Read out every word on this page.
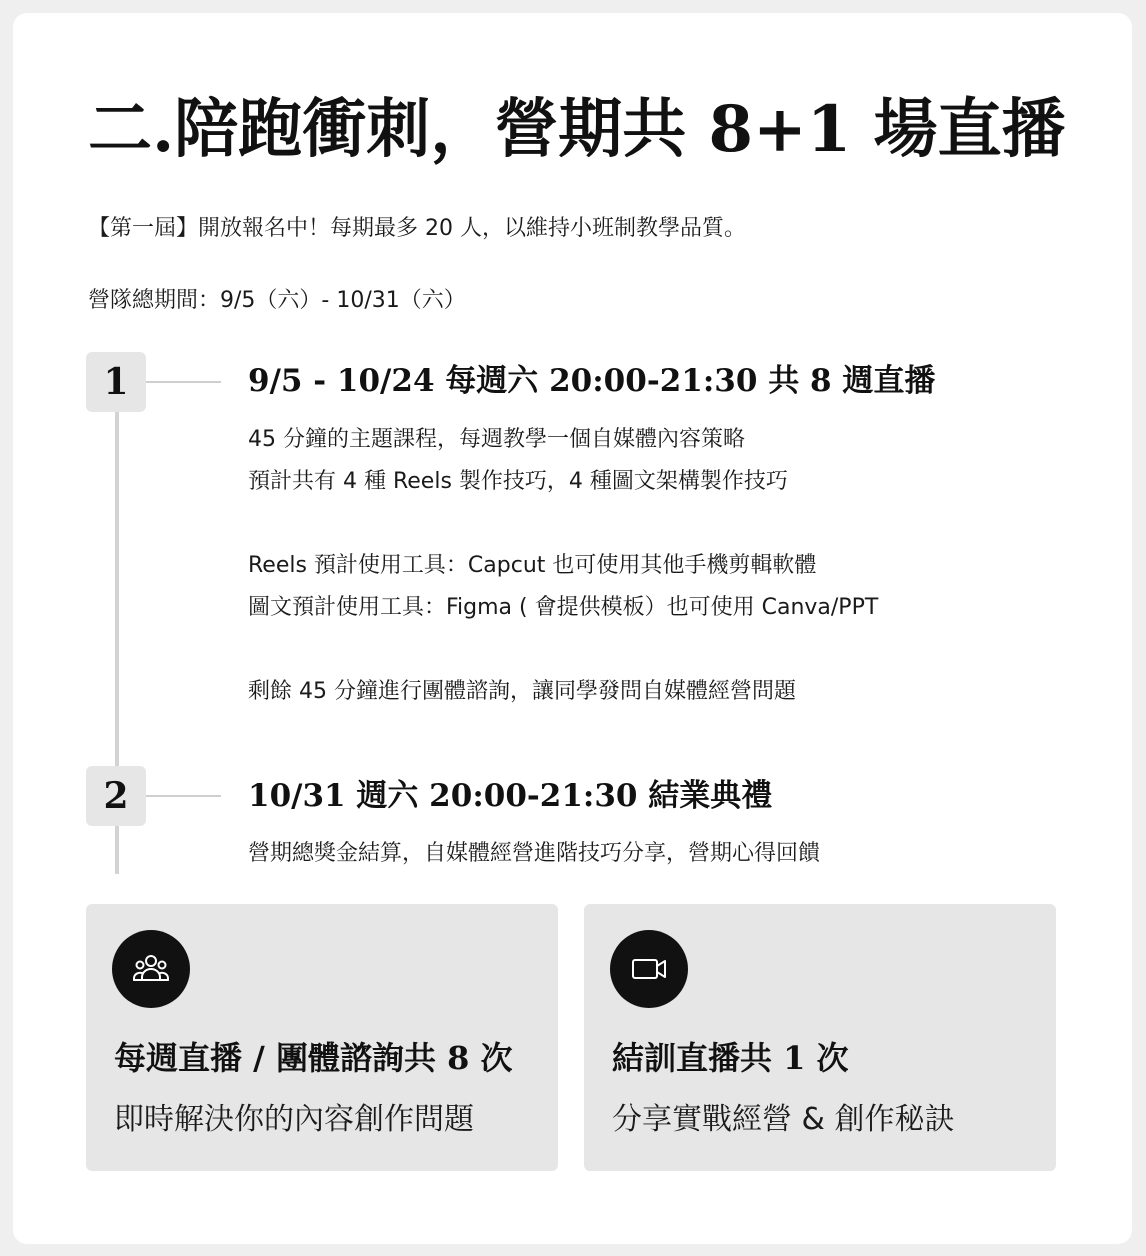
二.陪跑衝刺，營期共 8+1 場直播

【第一屆】開放報名中！每期最多 20 人，以維持小班制教學品質。

營隊總期間：9/5（六）- 10/31（六）

1	9/5 - 10/24 每週六 20:00-21:30 共 8 週直播
45 分鐘的主題課程，每週教學一個自媒體內容策略
預計共有 4 種 Reels 製作技巧，4 種圖文架構製作技巧
Reels 預計使用工具：Capcut 也可使用其他手機剪輯軟體
圖文預計使用工具：Figma ( 會提供模板）也可使用 Canva/PPT
剩餘 45 分鐘進行團體諮詢，讓同學發問自媒體經營問題
2	10/31 週六 20:00-21:30 結業典禮
營期總獎金結算，自媒體經營進階技巧分享，營期心得回饋

每週直播 / 團體諮詢共 8 次

即時解決你的內容創作問題

結訓直播共 1 次

分享實戰經營 & 創作秘訣
